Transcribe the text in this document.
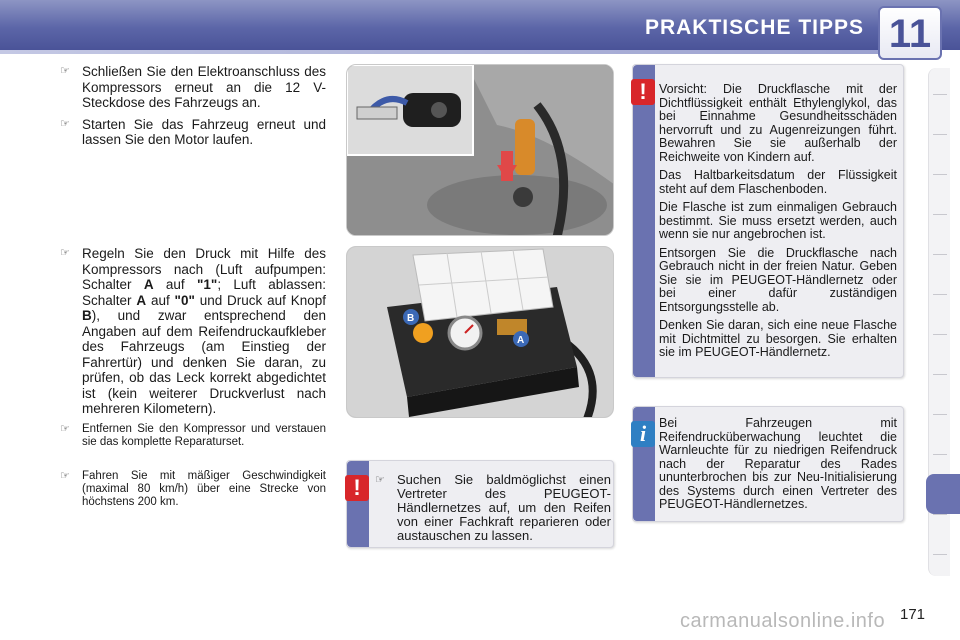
PRAKTISCHE TIPPS 11
☞ Schließen Sie den Elektroanschluss des Kompressors erneut an die 12 V-Steckdose des Fahrzeugs an.
☞ Starten Sie das Fahrzeug erneut und lassen Sie den Motor laufen.
☞ Regeln Sie den Druck mit Hilfe des Kompressors nach (Luft aufpumpen: Schalter A auf "1"; Luft ablassen: Schalter A auf "0" und Druck auf Knopf B), und zwar entsprechend den Angaben auf dem Reifendruckaufkleber des Fahrzeugs (am Einstieg der Fahrertür) und denken Sie daran, zu prüfen, ob das Leck korrekt abgedichtet ist (kein weiterer Druckverlust nach mehreren Kilometern).
☞ Entfernen Sie den Kompressor und verstauen sie das komplette Reparaturset.
☞ Fahren Sie mit mäßiger Geschwindigkeit (maximal 80 km/h) über eine Strecke von höchstens 200 km.
B
A
!	☞ Suchen Sie baldmöglichst einen Vertreter des PEUGEOT-Händlernetzes auf, um den Reifen von einer Fachkraft reparieren oder austauschen zu lassen.
! Vorsicht: Die Druckflasche mit der Dichtflüssigkeit enthält Ethylenglykol, das bei Einnahme Gesundheitsschäden hervorruft und zu Augenreizungen führt. Bewahren Sie sie außerhalb der Reichweite von Kindern auf.

Das Haltbarkeitsdatum der Flüssigkeit steht auf dem Flaschenboden.

Die Flasche ist zum einmaligen Gebrauch bestimmt. Sie muss ersetzt werden, auch wenn sie nur angebrochen ist.

Entsorgen Sie die Druckflasche nach Gebrauch nicht in der freien Natur. Geben Sie sie im PEUGEOT-Händlernetz oder bei einer dafür zuständigen Entsorgungsstelle ab.

Denken Sie daran, sich eine neue Flasche mit Dichtmittel zu besorgen. Sie erhalten sie im PEUGEOT-Händlernetz.

i	Bei Fahrzeugen mit Reifendrucküberwachung leuchtet die Warnleuchte für zu niedrigen Reifendruck nach der Reparatur des Rades ununterbrochen bis zur Neu-Initialisierung des Systems durch einen Vertreter des PEUGEOT-Händlernetzes.

carmanualsonline.info 171
